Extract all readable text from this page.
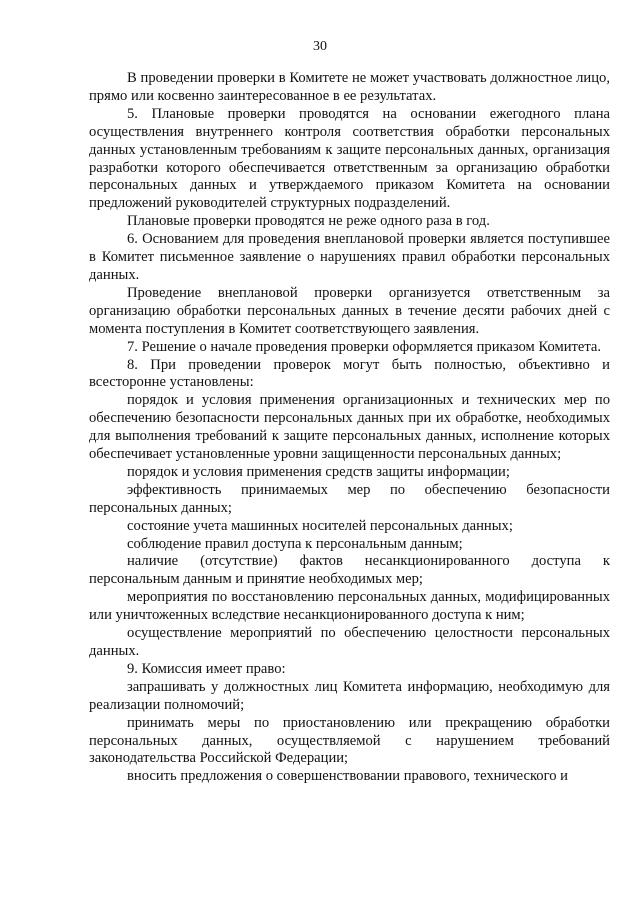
30

В проведении проверки в Комитете не может участвовать должностное лицо, прямо или косвенно заинтересованное в ее результатах.

5. Плановые проверки проводятся на основании ежегодного плана осуществления внутреннего контроля соответствия обработки персональных данных установленным требованиям к защите персональных данных, организация разработки которого обеспечивается ответственным за организацию обработки персональных данных и утверждаемого приказом Комитета на основании предложений руководителей структурных подразделений.

Плановые проверки проводятся не реже одного раза в год.

6. Основанием для проведения внеплановой проверки является поступившее в Комитет письменное заявление о нарушениях правил обработки персональных данных.

Проведение внеплановой проверки организуется ответственным за организацию обработки персональных данных в течение десяти рабочих дней с момента поступления в Комитет соответствующего заявления.

7. Решение о начале проведения проверки оформляется приказом Комитета.

8. При проведении проверок могут быть полностью, объективно и всесторонне установлены:

порядок и условия применения организационных и технических мер по обеспечению безопасности персональных данных при их обработке, необходимых для выполнения требований к защите персональных данных, исполнение которых обеспечивает установленные уровни защищенности персональных данных;

порядок и условия применения средств защиты информации;

эффективность принимаемых мер по обеспечению безопасности персональных данных;

состояние учета машинных носителей персональных данных;

соблюдение правил доступа к персональным данным;

наличие (отсутствие) фактов несанкционированного доступа к персональным данным и принятие необходимых мер;

мероприятия по восстановлению персональных данных, модифицированных или уничтоженных вследствие несанкционированного доступа к ним;

осуществление мероприятий по обеспечению целостности персональных данных.

9. Комиссия имеет право:

запрашивать у должностных лиц Комитета информацию, необходимую для реализации полномочий;

принимать меры по приостановлению или прекращению обработки персональных данных, осуществляемой с нарушением требований законодательства Российской Федерации;

вносить предложения о совершенствовании правового, технического и
